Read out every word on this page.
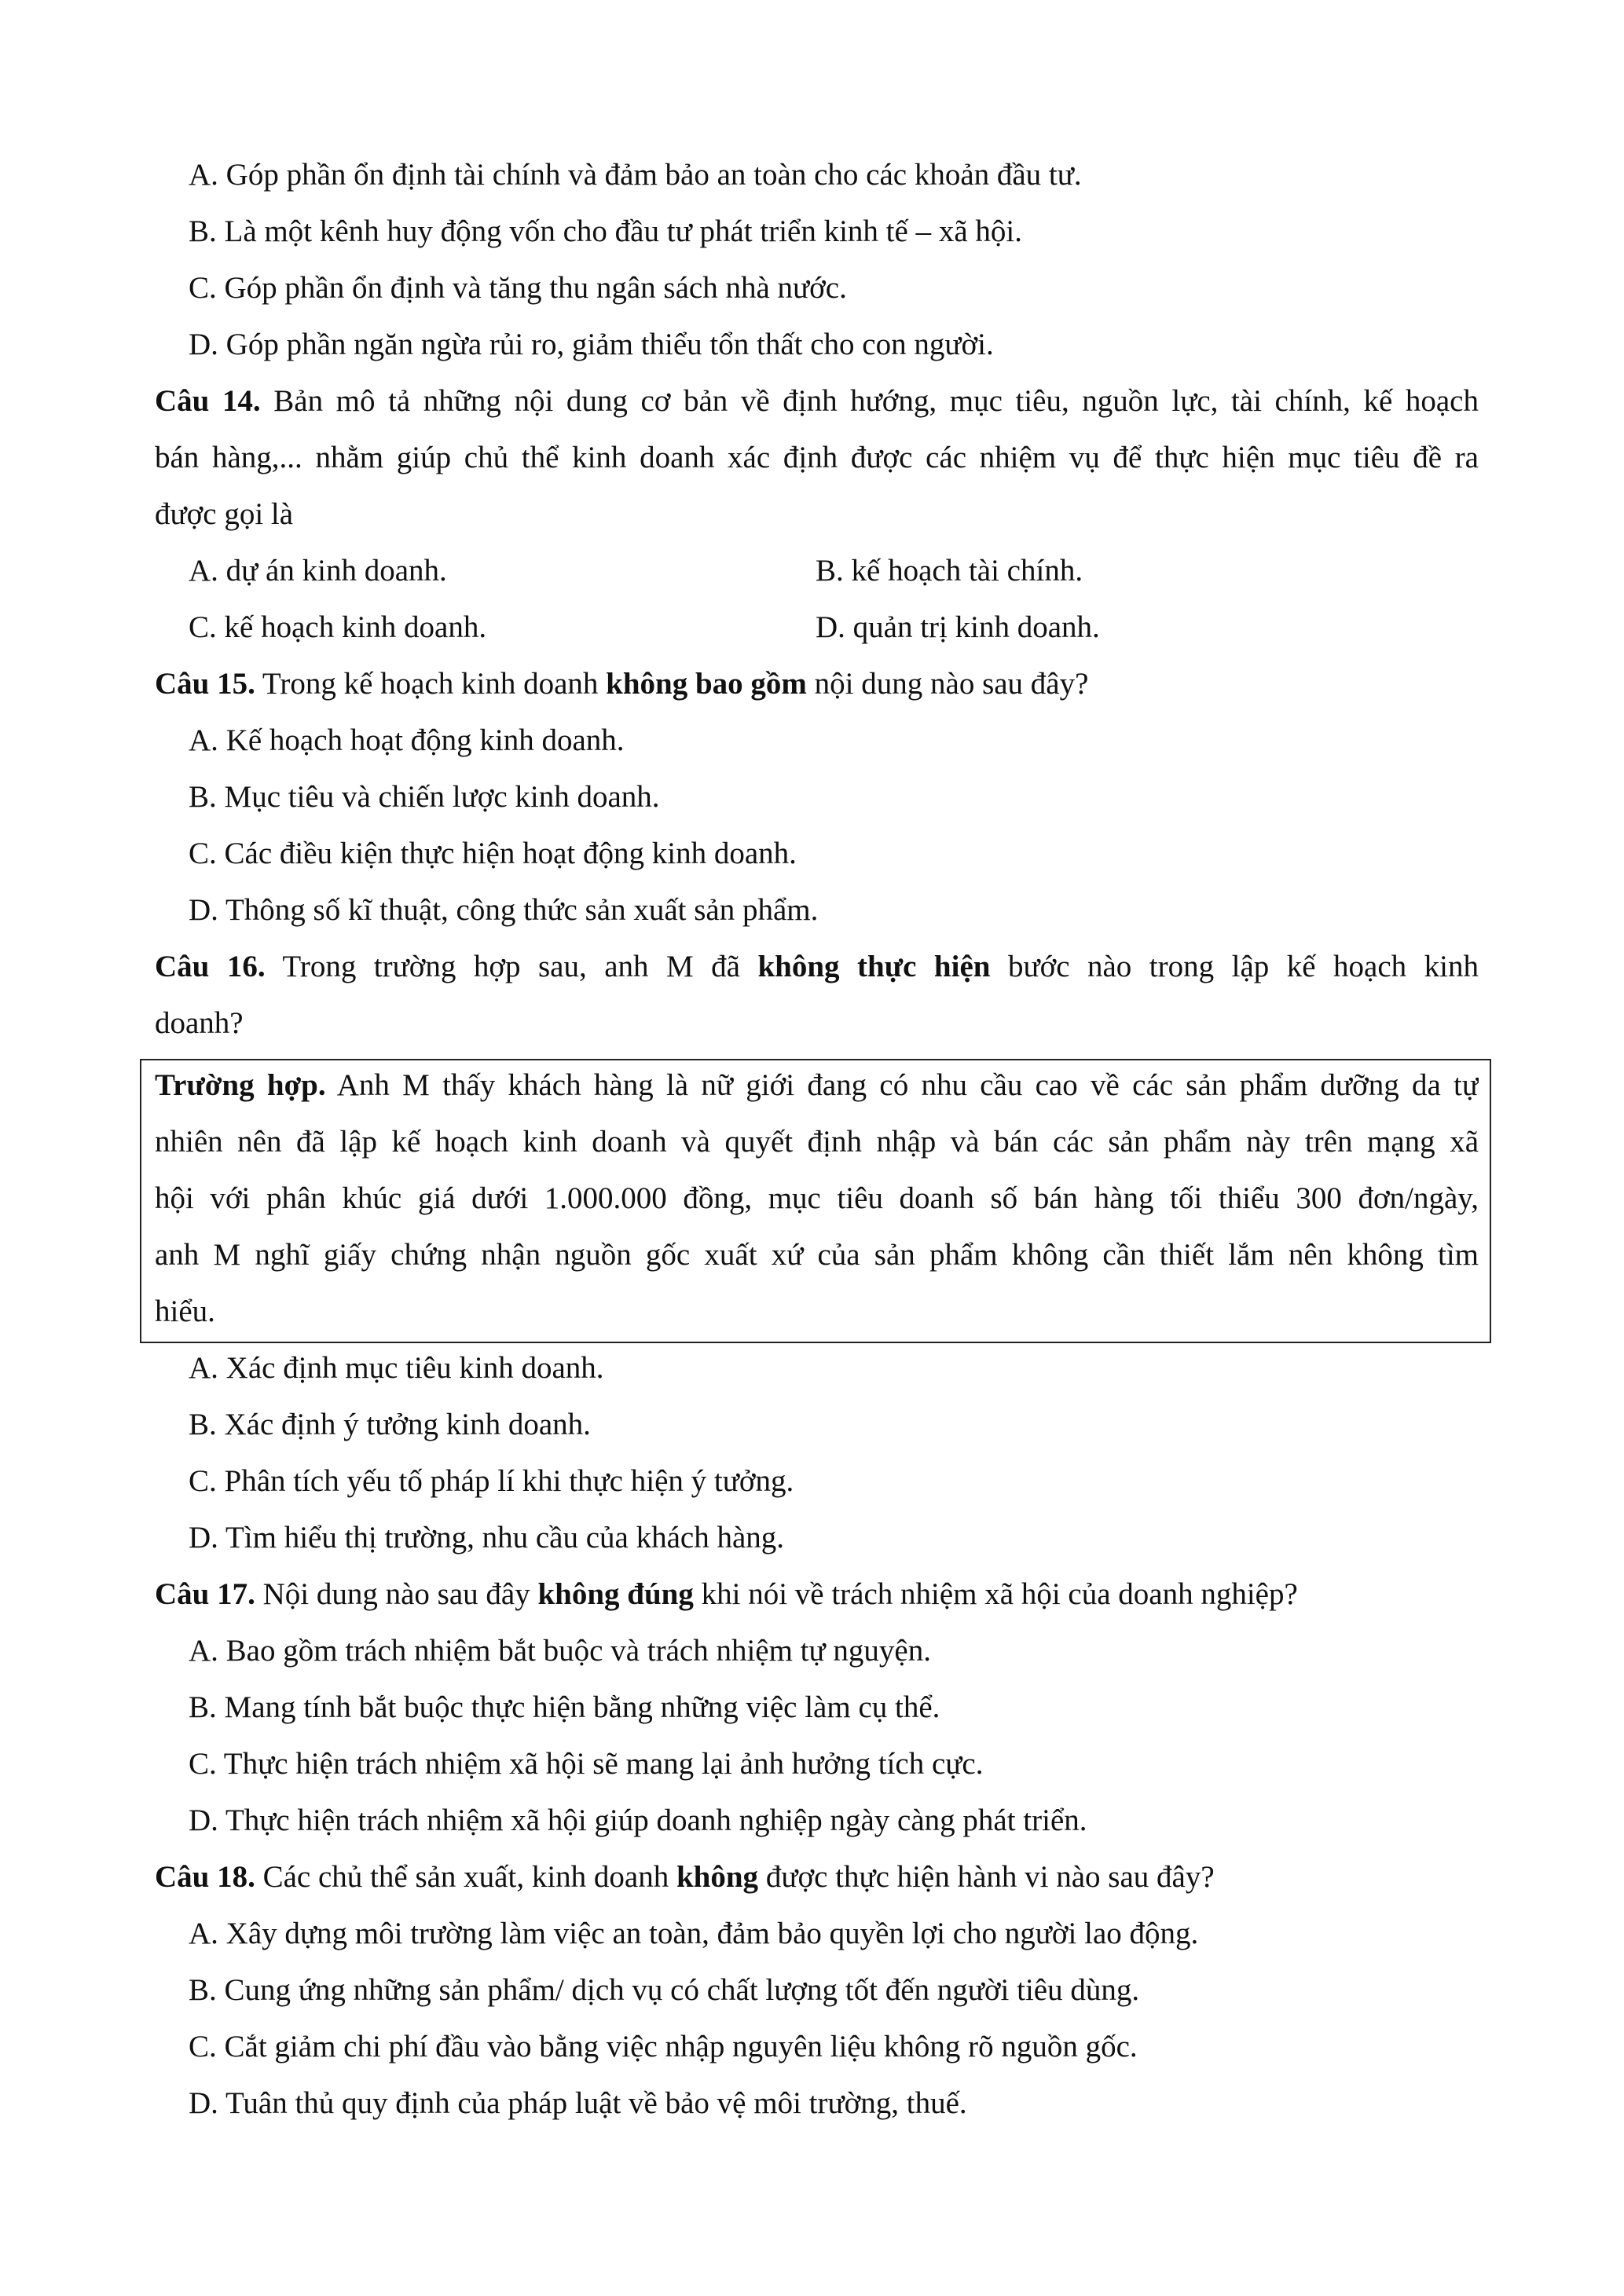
A. Góp phần ổn định tài chính và đảm bảo an toàn cho các khoản đầu tư.
B. Là một kênh huy động vốn cho đầu tư phát triển kinh tế – xã hội.
C. Góp phần ổn định và tăng thu ngân sách nhà nước.
D. Góp phần ngăn ngừa rủi ro, giảm thiểu tổn thất cho con người.
Câu 14. Bản mô tả những nội dung cơ bản về định hướng, mục tiêu, nguồn lực, tài chính, kế hoạch
bán hàng,... nhằm giúp chủ thể kinh doanh xác định được các nhiệm vụ để thực hiện mục tiêu đề ra
được gọi là
A. dự án kinh doanh.	B. kế hoạch tài chính.
C. kế hoạch kinh doanh.	D. quản trị kinh doanh.
Câu 15. Trong kế hoạch kinh doanh không bao gồm nội dung nào sau đây?
A. Kế hoạch hoạt động kinh doanh.
B. Mục tiêu và chiến lược kinh doanh.
C. Các điều kiện thực hiện hoạt động kinh doanh.
D. Thông số kĩ thuật, công thức sản xuất sản phẩm.
Câu 16. Trong trường hợp sau, anh M đã không thực hiện bước nào trong lập kế hoạch kinh
doanh?
Trường hợp. Anh M thấy khách hàng là nữ giới đang có nhu cầu cao về các sản phẩm dưỡng da tự
nhiên nên đã lập kế hoạch kinh doanh và quyết định nhập và bán các sản phẩm này trên mạng xã
hội với phân khúc giá dưới 1.000.000 đồng, mục tiêu doanh số bán hàng tối thiểu 300 đơn/ngày,
anh M nghĩ giấy chứng nhận nguồn gốc xuất xứ của sản phẩm không cần thiết lắm nên không tìm
hiểu.
A. Xác định mục tiêu kinh doanh.
B. Xác định ý tưởng kinh doanh.
C. Phân tích yếu tố pháp lí khi thực hiện ý tưởng.
D. Tìm hiểu thị trường, nhu cầu của khách hàng.
Câu 17. Nội dung nào sau đây không đúng khi nói về trách nhiệm xã hội của doanh nghiệp?
A. Bao gồm trách nhiệm bắt buộc và trách nhiệm tự nguyện.
B. Mang tính bắt buộc thực hiện bằng những việc làm cụ thể.
C. Thực hiện trách nhiệm xã hội sẽ mang lại ảnh hưởng tích cực.
D. Thực hiện trách nhiệm xã hội giúp doanh nghiệp ngày càng phát triển.
Câu 18. Các chủ thể sản xuất, kinh doanh không được thực hiện hành vi nào sau đây?
A. Xây dựng môi trường làm việc an toàn, đảm bảo quyền lợi cho người lao động.
B. Cung ứng những sản phẩm/ dịch vụ có chất lượng tốt đến người tiêu dùng.
C. Cắt giảm chi phí đầu vào bằng việc nhập nguyên liệu không rõ nguồn gốc.
D. Tuân thủ quy định của pháp luật về bảo vệ môi trường, thuế.
